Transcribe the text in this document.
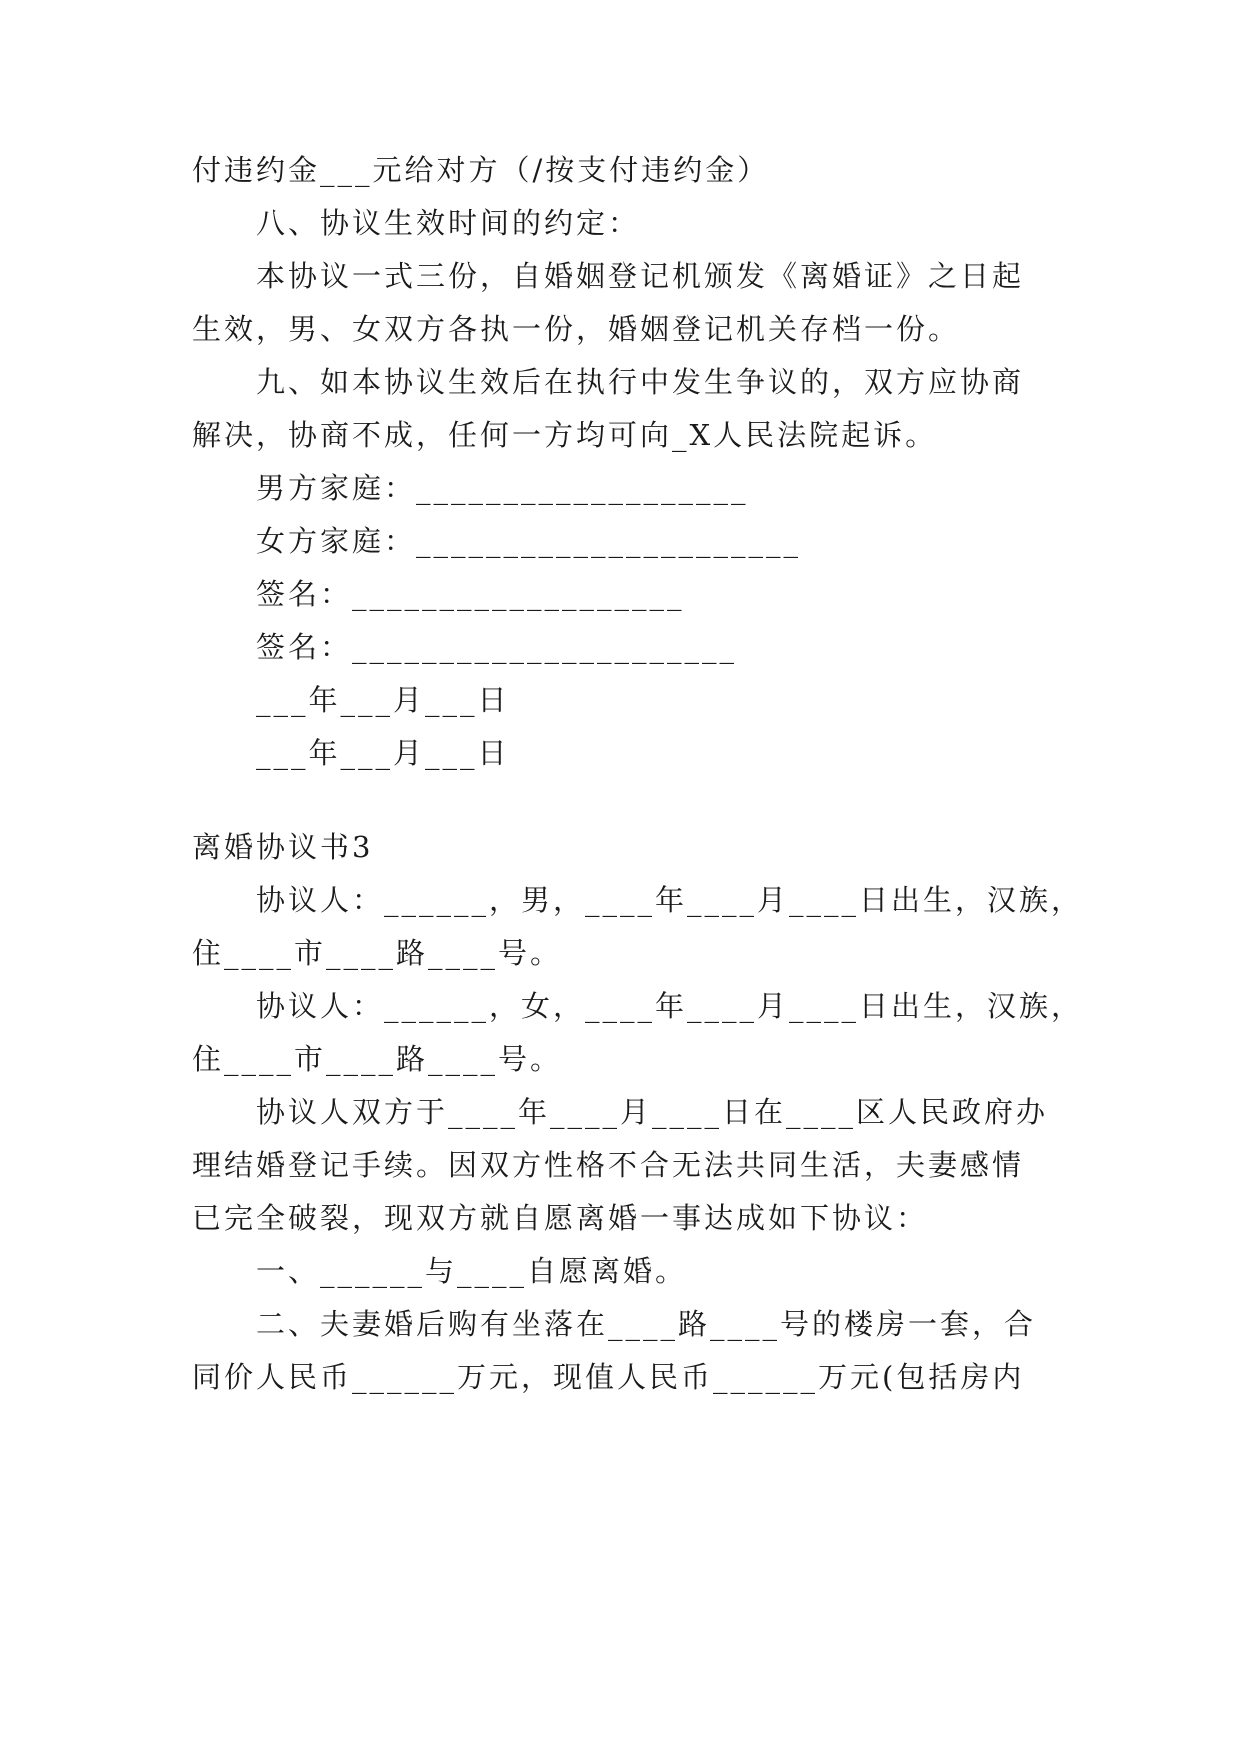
付违约金___元给对方（/按支付违约金）
八、协议生效时间的约定：
本协议一式三份，自婚姻登记机颁发《离婚证》之日起
生效，男、女双方各执一份，婚姻登记机关存档一份。
九、如本协议生效后在执行中发生争议的，双方应协商
解决，协商不成，任何一方均可向_X人民法院起诉。
男方家庭：___________________
女方家庭：______________________
签名：___________________
签名：______________________
___年___月___日
___年___月___日
离婚协议书3
协议人：______，男，____年____月____日出生，汉族，
住____市____路____号。
协议人：______，女，____年____月____日出生，汉族，
住____市____路____号。
协议人双方于____年____月____日在____区人民政府办
理结婚登记手续。因双方性格不合无法共同生活，夫妻感情
已完全破裂，现双方就自愿离婚一事达成如下协议：
一、______与____自愿离婚。
二、夫妻婚后购有坐落在____路____号的楼房一套，合
同价人民币______万元，现值人民币______万元(包括房内
